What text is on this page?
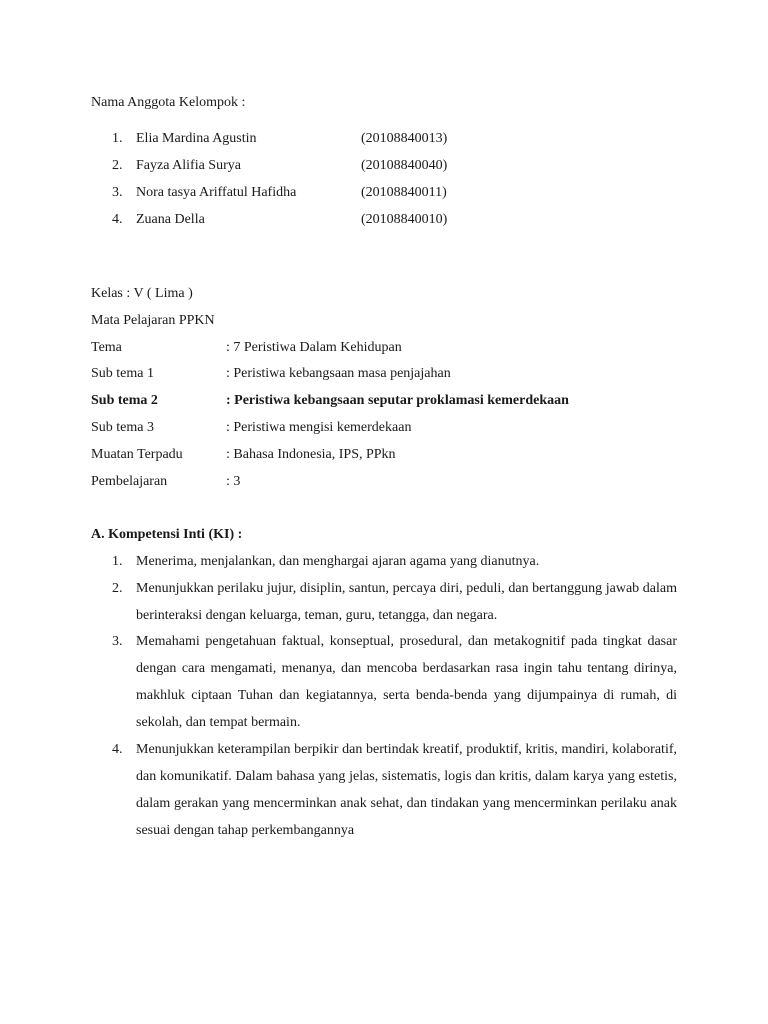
Nama Anggota Kelompok :
1. Elia Mardina Agustin	(20108840013)
2. Fayza Alifia Surya	(20108840040)
3. Nora tasya Ariffatul Hafidha	(20108840011)
4. Zuana Della	(20108840010)
Kelas : V ( Lima )
Mata Pelajaran PPKN
Tema	: 7 Peristiwa Dalam Kehidupan
Sub tema 1	: Peristiwa kebangsaan masa penjajahan
Sub tema 2	: Peristiwa kebangsaan seputar proklamasi kemerdekaan
Sub tema 3	: Peristiwa mengisi kemerdekaan
Muatan Terpadu	: Bahasa Indonesia, IPS, PPkn
Pembelajaran	: 3
A. Kompetensi Inti (KI) :
1. Menerima, menjalankan, dan menghargai ajaran agama yang dianutnya.
2. Menunjukkan perilaku jujur, disiplin, santun, percaya diri, peduli, dan bertanggung jawab dalam berinteraksi dengan keluarga, teman, guru, tetangga, dan negara.
3. Memahami pengetahuan faktual, konseptual, prosedural, dan metakognitif pada tingkat dasar dengan cara mengamati, menanya, dan mencoba berdasarkan rasa ingin tahu tentang dirinya, makhluk ciptaan Tuhan dan kegiatannya, serta benda-benda yang dijumpainya di rumah, di sekolah, dan tempat bermain.
4. Menunjukkan keterampilan berpikir dan bertindak kreatif, produktif, kritis, mandiri, kolaboratif, dan komunikatif. Dalam bahasa yang jelas, sistematis, logis dan kritis, dalam karya yang estetis, dalam gerakan yang mencerminkan anak sehat, dan tindakan yang mencerminkan perilaku anak sesuai dengan tahap perkembangannya
